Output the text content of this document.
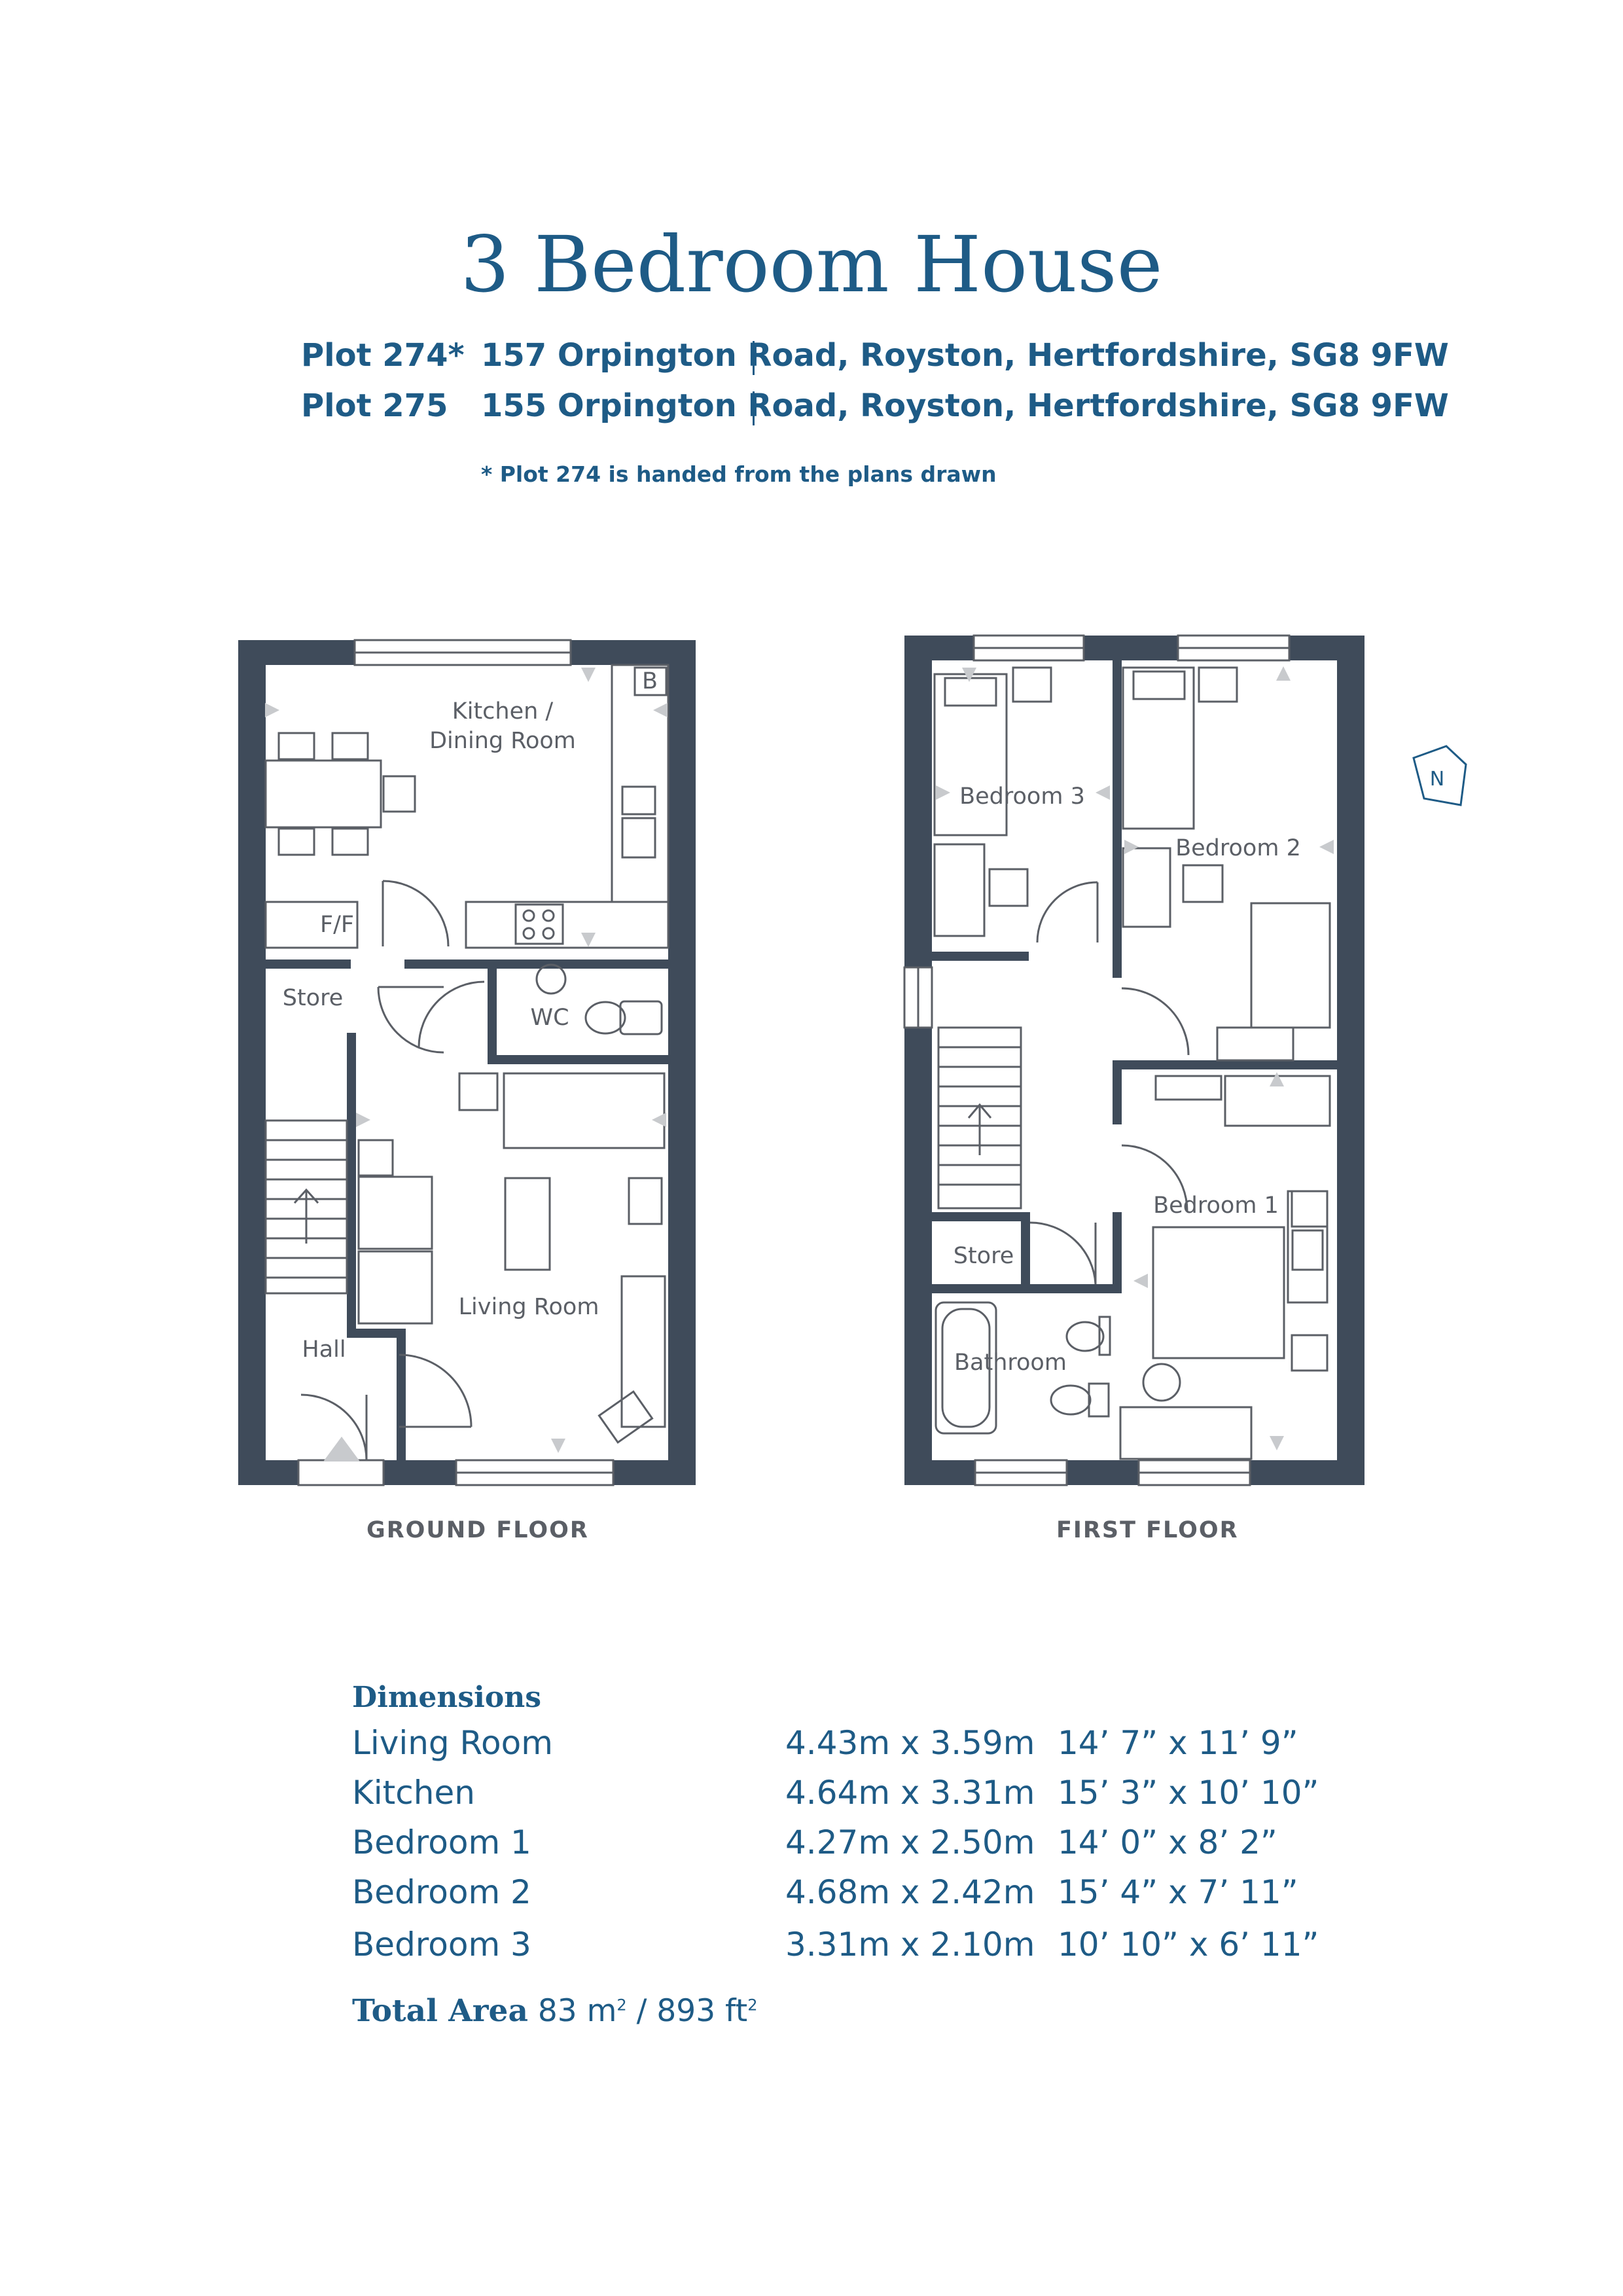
3 Bedroom House
Plot 274* 157 Orpington Road, Royston, Hertfordshire, SG8 9FW
Plot 275 155 Orpington Road, Royston, Hertfordshire, SG8 9FW
* Plot 274 is handed from the plans drawn
Kitchen /
Dining Room
F/F
B
Store
WC
Living Room
Hall
N
Bedroom 3
Bedroom 2
Bedroom 1
Store
Bathroom
GROUND FLOOR	FIRST FLOOR
Dimensions
Living Room	4.43m x 3.59m 14’ 7” x 11’ 9”
Kitchen	4.64m x 3.31m 15’ 3” x 10’ 10”
Bedroom 1	4.27m x 2.50m 14’ 0” x 8’ 2”
Bedroom 2	4.68m x 2.42m 15’ 4” x 7’ 11”
Bedroom 3	3.31m x 2.10m 10’ 10” x 6’ 11”
Total Area 83 $m^2 / 893$ $ft^2$
